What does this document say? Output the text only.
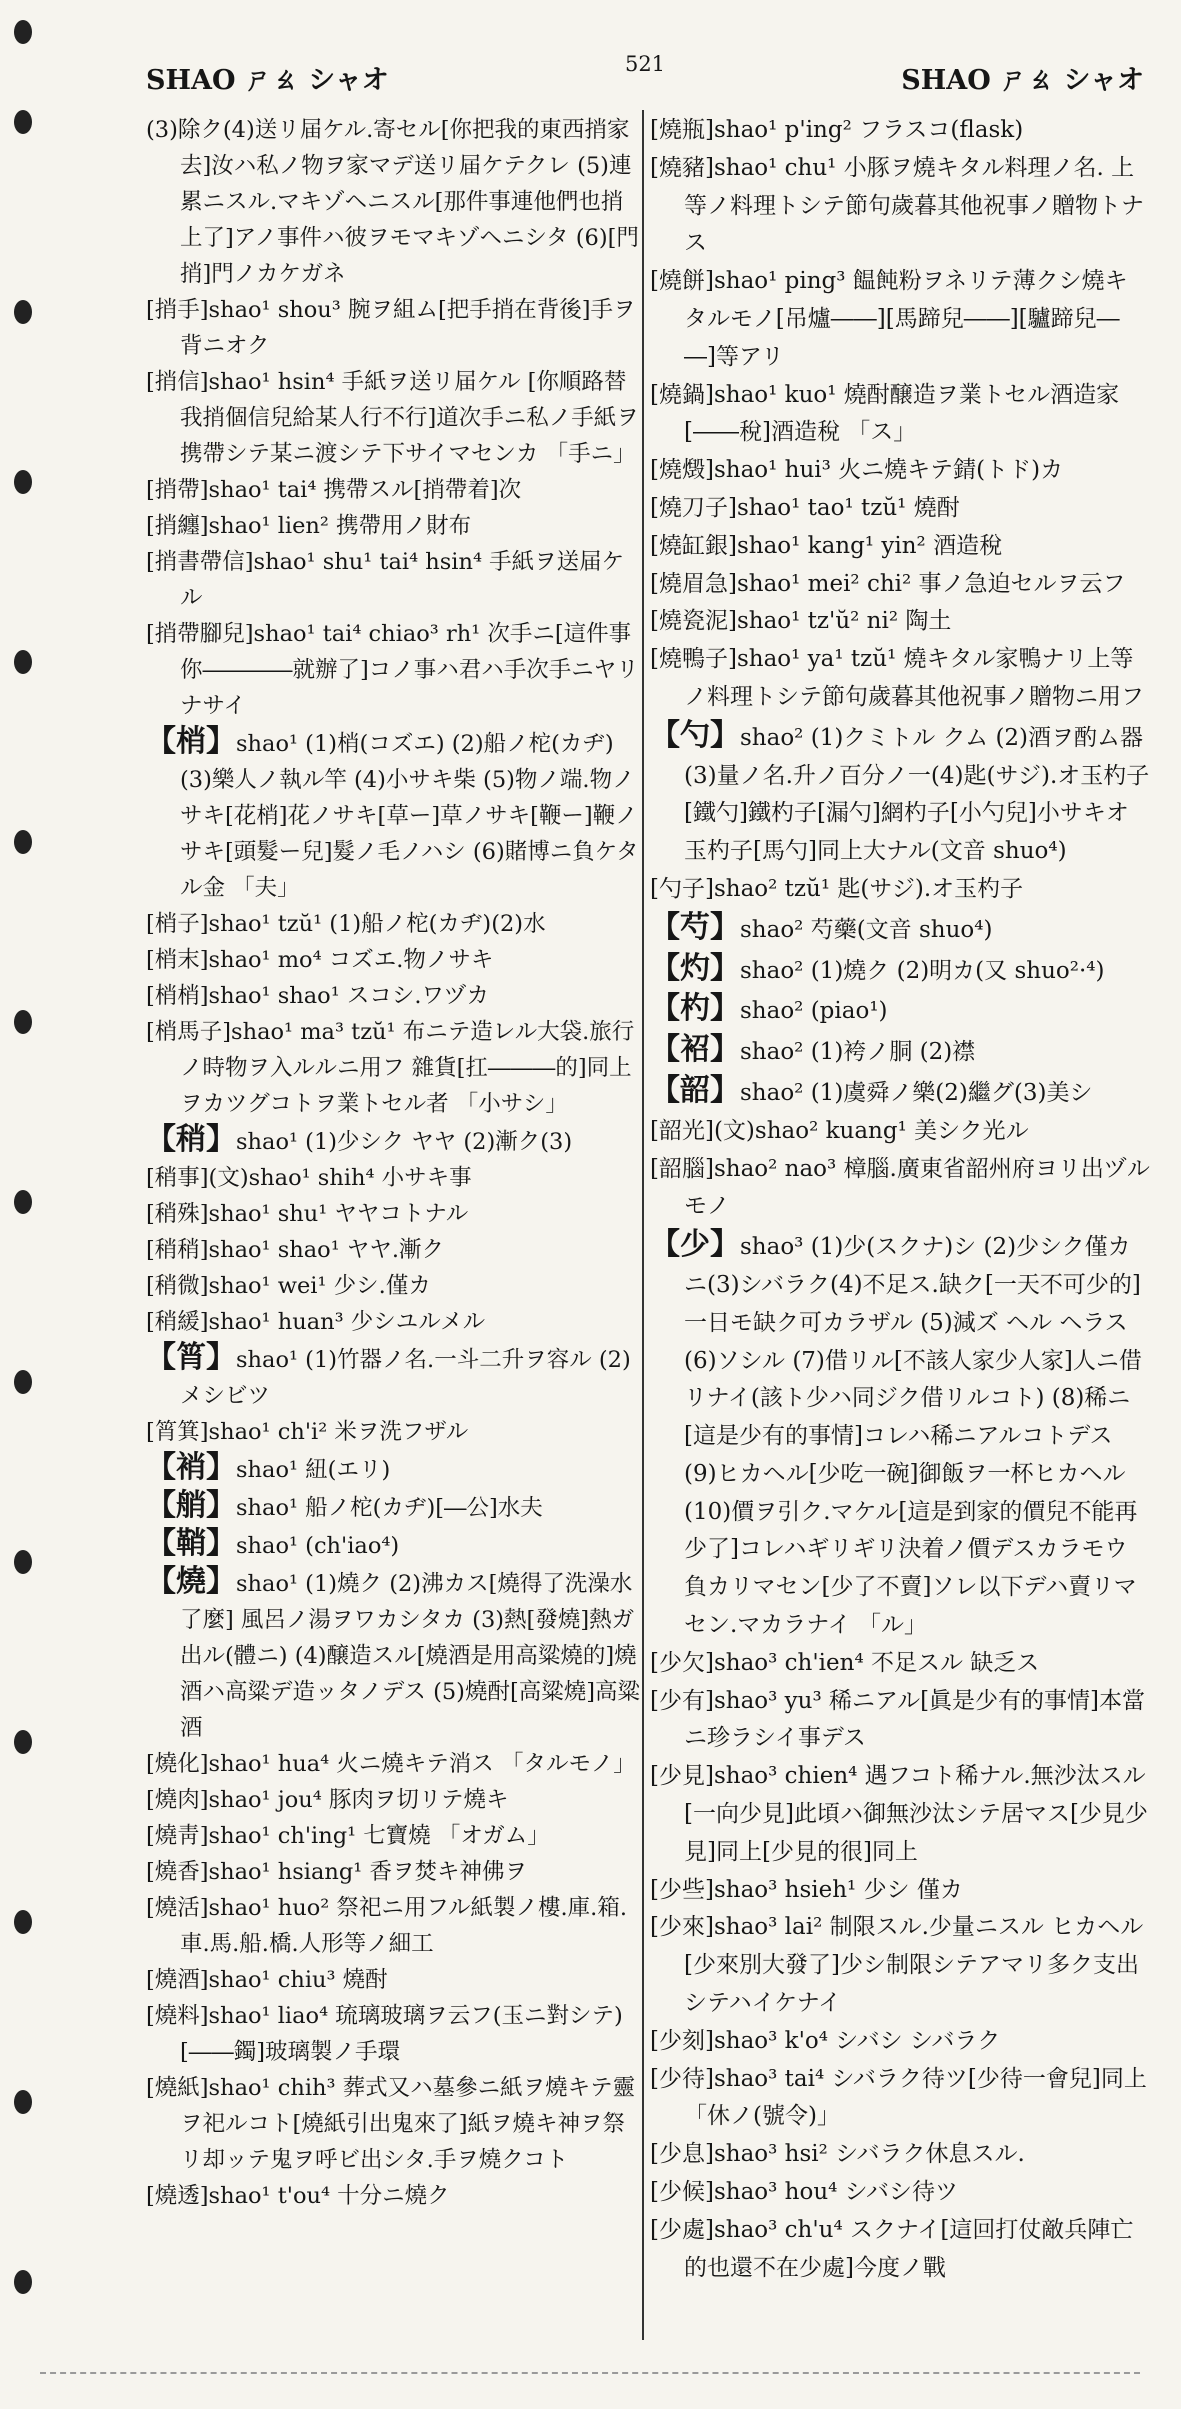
SHAO ㄕㄠ シャオ
521
SHAO ㄕㄠ シャオ
(3)除ク(4)送リ届ケル.寄セル[你把我的東西捎家去]汝ハ私ノ物ヲ家マデ送リ届ケテクレ (5)連累ニスル.マキゾヘニスル[那件事連他們也捎上了]アノ事件ハ彼ヲモマキゾヘニシタ (6)[門捎]門ノカケガネ
[捎手]shao¹ shou³ 腕ヲ組ム[把手捎在背後]手ヲ背ニオク
[捎信]shao¹ hsin⁴ 手紙ヲ送リ届ケル [你順路替我捎個信兒給某人行不行]道次手ニ私ノ手紙ヲ携帶シテ某ニ渡シテ下サイマセンカ 「手ニ」
[捎帶]shao¹ tai⁴ 携帶スル[捎帶着]次
[捎纏]shao¹ lien² 携帶用ノ財布
[捎書帶信]shao¹ shu¹ tai⁴ hsin⁴ 手紙ヲ送届ケル
[捎帶腳兒]shao¹ tai⁴ chiao³ rh¹ 次手ニ[這件事你――――就辦了]コノ事ハ君ハ手次手ニヤリナサイ
【梢】shao¹ (1)梢(コズエ) (2)船ノ柁(カヂ) (3)樂人ノ執ル竿 (4)小サキ柴 (5)物ノ端.物ノサキ[花梢]花ノサキ[草ー]草ノサキ[鞭ー]鞭ノサキ[頭髮ー兒]髮ノ毛ノハシ (6)賭博ニ負ケタル金 「夫」
[梢子]shao¹ tzŭ¹ (1)船ノ柁(カヂ)(2)水
[梢末]shao¹ mo⁴ コズエ.物ノサキ
[梢梢]shao¹ shao¹ スコシ.ワヅカ
[梢馬子]shao¹ ma³ tzŭ¹ 布ニテ造レル大袋.旅行ノ時物ヲ入ルルニ用フ 雜貨[扛―――的]同上ヲカツグコトヲ業トセル者 「小サシ」
【稍】shao¹ (1)少シク ヤヤ (2)漸ク(3)
[稍事](文)shao¹ shih⁴ 小サキ事
[稍殊]shao¹ shu¹ ヤヤコトナル
[稍稍]shao¹ shao¹ ヤヤ.漸ク
[稍微]shao¹ wei¹ 少シ.僅カ
[稍緩]shao¹ huan³ 少シユルメル
【筲】shao¹ (1)竹器ノ名.一斗二升ヲ容ル (2)メシビツ
[筲箕]shao¹ ch'i² 米ヲ洗フザル
【䘯】shao¹ 紐(エリ)
【艄】shao¹ 船ノ柁(カヂ)[―公]水夫
【鞘】shao¹ (ch'iao⁴)
【燒】shao¹ (1)燒ク (2)沸カス[燒得了洗澡水了麼] 風呂ノ湯ヲワカシタカ (3)熱[發燒]熱ガ出ル(體ニ) (4)醸造スル[燒酒是用高粱燒的]燒酒ハ高粱デ造ッタノデス (5)燒酎[高粱燒]高粱酒
[燒化]shao¹ hua⁴ 火ニ燒キテ消ス 「タルモノ」
[燒肉]shao¹ jou⁴ 豚肉ヲ切リテ燒キ
[燒靑]shao¹ ch'ing¹ 七寶燒 「オガム」
[燒香]shao¹ hsiang¹ 香ヲ焚キ神佛ヲ
[燒活]shao¹ huo² 祭祀ニ用フル紙製ノ樓.庫.箱.車.馬.船.橋.人形等ノ細工
[燒酒]shao¹ chiu³ 燒酎
[燒料]shao¹ liao⁴ 琉璃玻璃ヲ云フ(玉ニ對シテ)[――鐲]玻璃製ノ手環
[燒紙]shao¹ chih³ 葬式又ハ墓參ニ紙ヲ燒キテ靈ヲ祀ルコト[燒紙引出鬼來了]紙ヲ燒キ神ヲ祭リ却ッテ鬼ヲ呼ビ出シタ.手ヲ燒クコト
[燒透]shao¹ t'ou⁴ 十分ニ燒ク
[燒瓶]shao¹ p'ing² フラスコ(flask)
[燒豬]shao¹ chu¹ 小豚ヲ燒キタル料理ノ名. 上等ノ料理トシテ節句歲暮其他祝事ノ贈物トナス
[燒餅]shao¹ ping³ 饂飩粉ヲネリテ薄クシ燒キタルモノ[吊爐――][馬蹄兒――][驢蹄兒――]等アリ
[燒鍋]shao¹ kuo¹ 燒酎醸造ヲ業トセル酒造家[――稅]酒造稅 「ス」
[燒燬]shao¹ hui³ 火ニ燒キテ錆(トド)カ
[燒刀子]shao¹ tao¹ tzŭ¹ 燒酎
[燒缸銀]shao¹ kang¹ yin² 酒造稅
[燒眉急]shao¹ mei² chi² 事ノ急迫セルヲ云フ
[燒瓷泥]shao¹ tz'ŭ² ni² 陶土
[燒鴨子]shao¹ ya¹ tzŭ¹ 燒キタル家鴨ナリ上等ノ料理トシテ節句歲暮其他祝事ノ贈物ニ用フ
【勺】shao² (1)クミトル クム (2)酒ヲ酌ム器 (3)量ノ名.升ノ百分ノ一(4)匙(サジ).オ玉杓子[鐵勺]鐵杓子[漏勺]網杓子[小勺兒]小サキオ玉杓子[馬勺]同上大ナル(文音 shuo⁴)
[勺子]shao² tzŭ¹ 匙(サジ).オ玉杓子
【芍】shao² 芍藥(文音 shuo⁴)
【灼】shao² (1)燒ク (2)明カ(又 shuo²·⁴)
【杓】shao² (piao¹)
【袑】shao² (1)袴ノ胴 (2)襟
【韶】shao² (1)虞舜ノ樂(2)繼グ(3)美シ
[韶光](文)shao² kuang¹ 美シク光ル
[韶腦]shao² nao³ 樟腦.廣東省韶州府ヨリ出ヅルモノ
【少】shao³ (1)少(スクナ)シ (2)少シク僅カニ(3)シバラク(4)不足ス.缺ク[一天不可少的]一日モ缺ク可カラザル (5)減ズ ヘル ヘラス (6)ソシル (7)借リル[不該人家少人家]人ニ借リナイ(該ト少ハ同ジク借リルコト) (8)稀ニ[這是少有的事情]コレハ稀ニアルコトデス (9)ヒカヘル[少吃一碗]御飯ヲ一杯ヒカヘル (10)價ヲ引ク.マケル[這是到家的價兒不能再少了]コレハギリギリ決着ノ價デスカラモウ負カリマセン[少了不賣]ソレ以下デハ賣リマセン.マカラナイ 「ル」
[少欠]shao³ ch'ien⁴ 不足スル 缺乏ス
[少有]shao³ yu³ 稀ニアル[眞是少有的事情]本當ニ珍ラシイ事デス
[少見]shao³ chien⁴ 遇フコト稀ナル.無沙汰スル[一向少見]此頃ハ御無沙汰シテ居マス[少見少見]同上[少見的很]同上
[少些]shao³ hsieh¹ 少シ 僅カ
[少來]shao³ lai² 制限スル.少量ニスル ヒカヘル[少來別大發了]少シ制限シテアマリ多ク支出シテハイケナイ
[少刻]shao³ k'o⁴ シバシ シバラク
[少待]shao³ tai⁴ シバラク待ツ[少待一會兒]同上 「休ノ(號令)」
[少息]shao³ hsi² シバラク休息スル.
[少候]shao³ hou⁴ シバシ待ツ
[少處]shao³ ch'u⁴ スクナイ[這回打仗敵兵陣亡的也還不在少處]今度ノ戰
